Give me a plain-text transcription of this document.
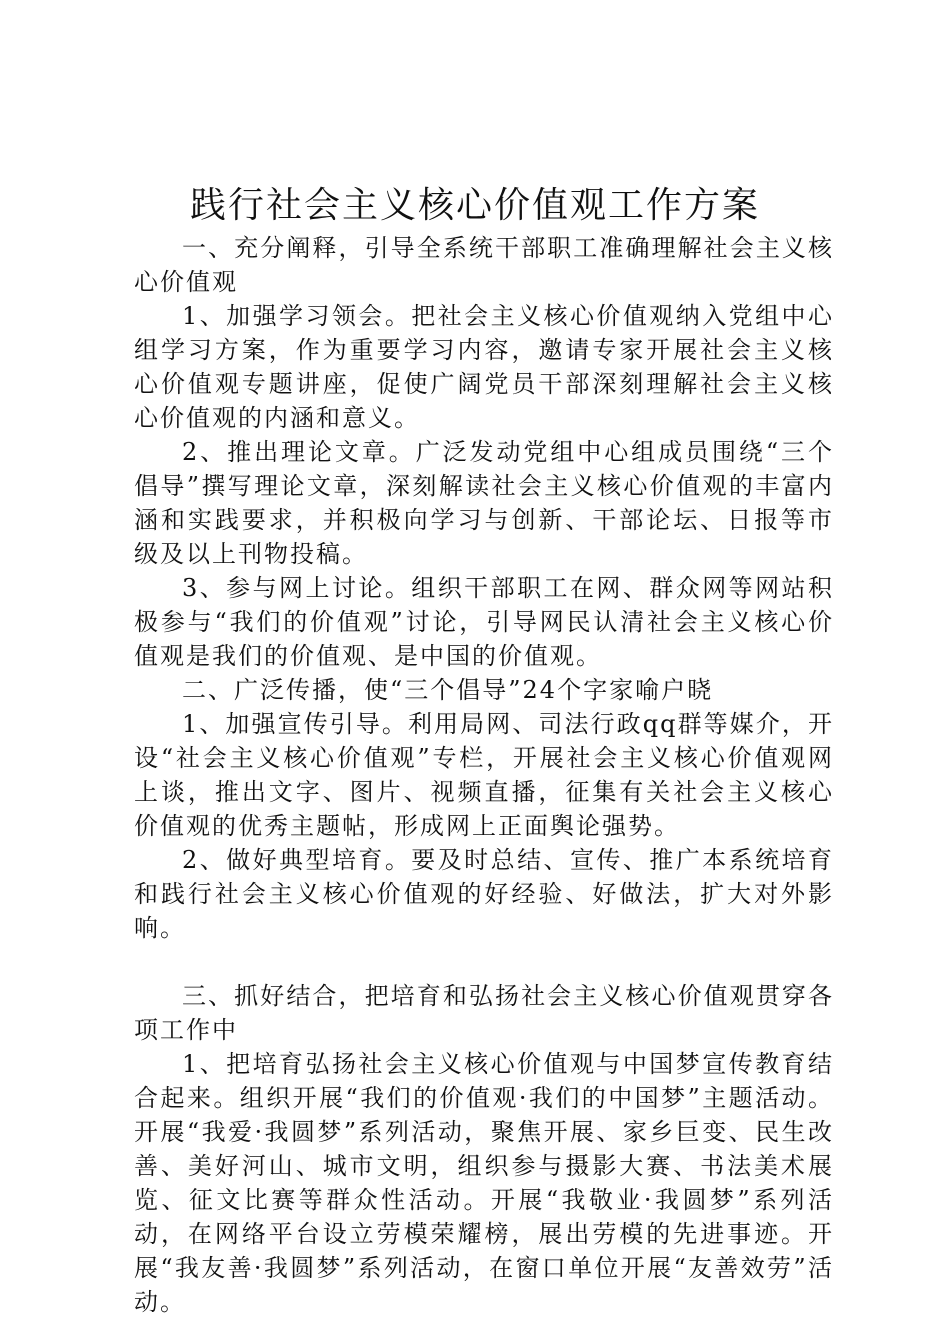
践行社会主义核心价值观工作方案

一、充分阐释，引导全系统干部职工准确理解社会主义核心价值观

1、加强学习领会。把社会主义核心价值观纳入党组中心组学习方案，作为重要学习内容，邀请专家开展社会主义核心价值观专题讲座，促使广阔党员干部深刻理解社会主义核心价值观的内涵和意义。

2、推出理论文章。广泛发动党组中心组成员围绕“三个倡导”撰写理论文章，深刻解读社会主义核心价值观的丰富内涵和实践要求，并积极向学习与创新、干部论坛、日报等市级及以上刊物投稿。

3、参与网上讨论。组织干部职工在网、群众网等网站积极参与“我们的价值观”讨论，引导网民认清社会主义核心价值观是我们的价值观、是中国的价值观。

二、广泛传播，使“三个倡导”24个字家喻户晓

1、加强宣传引导。利用局网、司法行政qq群等媒介，开设“社会主义核心价值观”专栏，开展社会主义核心价值观网上谈，推出文字、图片、视频直播，征集有关社会主义核心价值观的优秀主题帖，形成网上正面舆论强势。

2、做好典型培育。要及时总结、宣传、推广本系统培育和践行社会主义核心价值观的好经验、好做法，扩大对外影响。

三、抓好结合，把培育和弘扬社会主义核心价值观贯穿各项工作中

1、把培育弘扬社会主义核心价值观与中国梦宣传教育结合起来。组织开展“我们的价值观·我们的中国梦”主题活动。开展“我爱·我圆梦”系列活动，聚焦开展、家乡巨变、民生改善、美好河山、城市文明，组织参与摄影大赛、书法美术展览、征文比赛等群众性活动。开展“我敬业·我圆梦”系列活动，在网络平台设立劳模荣耀榜，展出劳模的先进事迹。开展“我友善·我圆梦”系列活动，在窗口单位开展“友善效劳”活动。
